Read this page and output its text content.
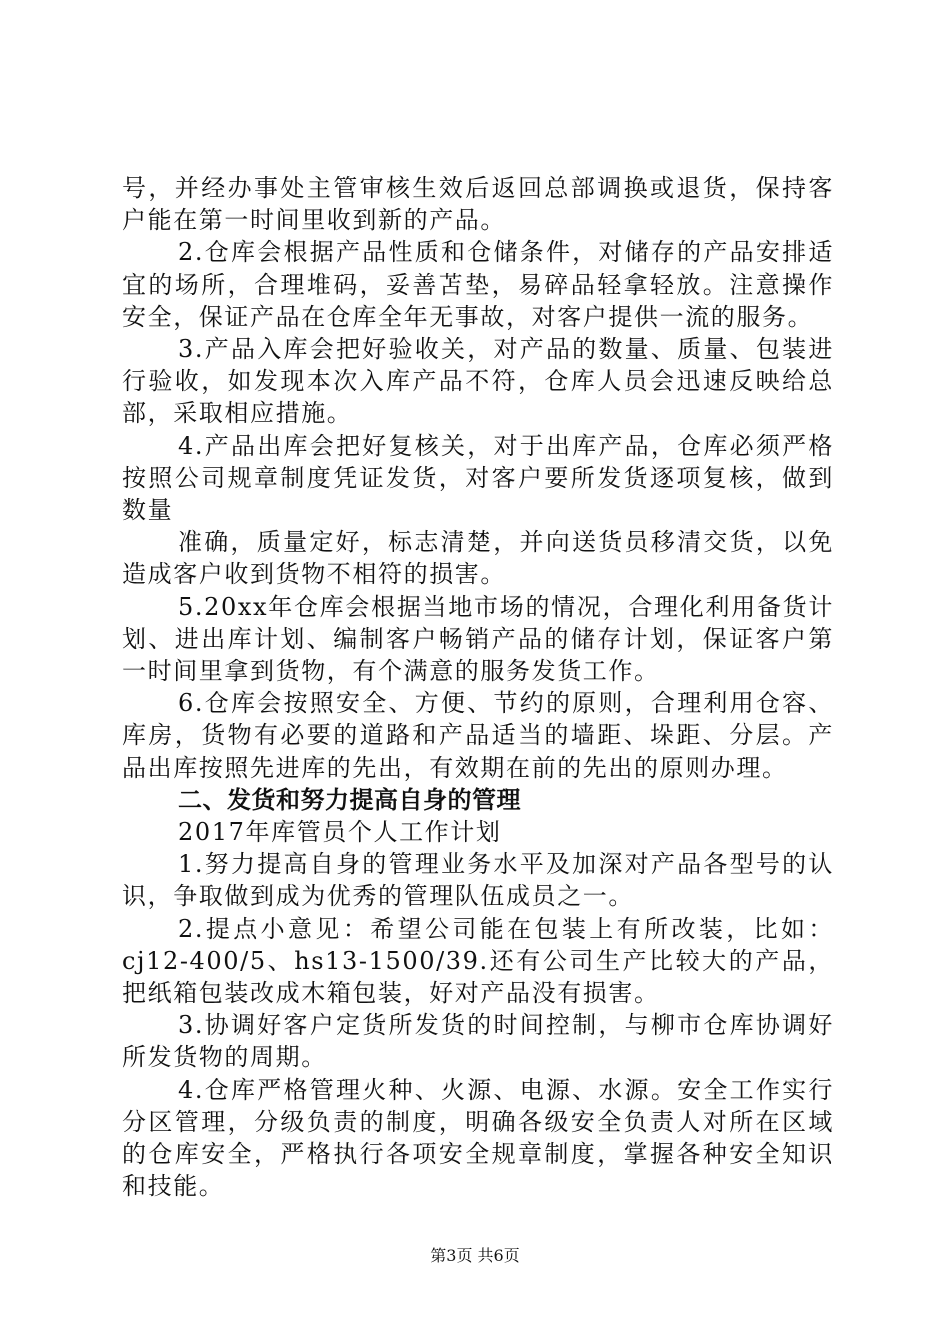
号，并经办事处主管审核生效后返回总部调换或退货，保持客户能在第一时间里收到新的产品。

2.仓库会根据产品性质和仓储条件，对储存的产品安排适宜的场所，合理堆码，妥善苫垫，易碎品轻拿轻放。注意操作安全，保证产品在仓库全年无事故，对客户提供一流的服务。

3.产品入库会把好验收关，对产品的数量、质量、包装进行验收，如发现本次入库产品不符，仓库人员会迅速反映给总部，采取相应措施。

4.产品出库会把好复核关，对于出库产品，仓库必须严格按照公司规章制度凭证发货，对客户要所发货逐项复核，做到数量

准确，质量定好，标志清楚，并向送货员移清交货，以免造成客户收到货物不相符的损害。

5.20xx年仓库会根据当地市场的情况，合理化利用备货计划、进出库计划、编制客户畅销产品的储存计划，保证客户第一时间里拿到货物，有个满意的服务发货工作。

6.仓库会按照安全、方便、节约的原则，合理利用仓容、库房，货物有必要的道路和产品适当的墙距、垛距、分层。产品出库按照先进库的先出，有效期在前的先出的原则办理。

二、发货和努力提高自身的管理

2017年库管员个人工作计划

1.努力提高自身的管理业务水平及加深对产品各型号的认识，争取做到成为优秀的管理队伍成员之一。

2.提点小意见：希望公司能在包装上有所改装，比如：cj12-400/5、hs13-1500/39.还有公司生产比较大的产品，把纸箱包装改成木箱包装，好对产品没有损害。

3.协调好客户定货所发货的时间控制，与柳市仓库协调好所发货物的周期。

4.仓库严格管理火种、火源、电源、水源。安全工作实行分区管理，分级负责的制度，明确各级安全负责人对所在区域的仓库安全，严格执行各项安全规章制度，掌握各种安全知识和技能。

第3页 共6页
